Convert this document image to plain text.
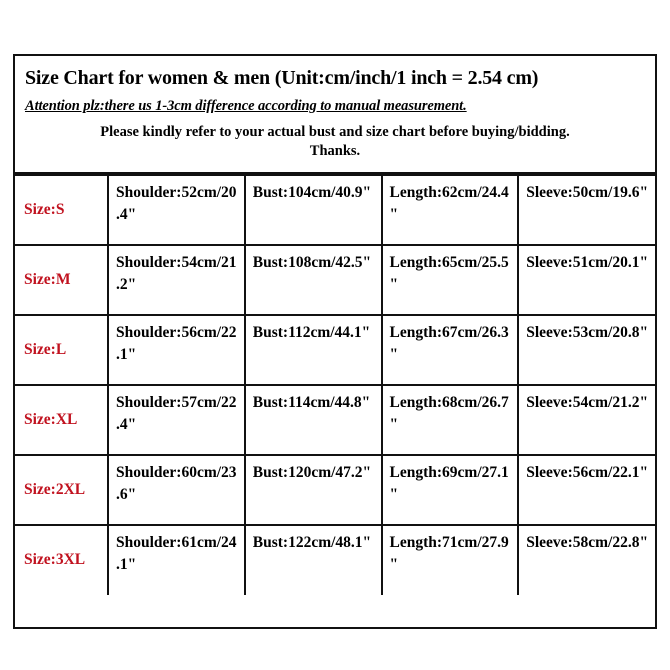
Size Chart for women & men (Unit:cm/inch/1 inch = 2.54 cm)
Attention plz:there us 1-3cm difference according to manual measurement.
Please kindly refer to your actual bust and size chart before buying/bidding.
Thanks.
Size:S	Shoulder:52cm/20.4"	Bust:104cm/40.9"	Length:62cm/24.4"	Sleeve:50cm/19.6"
Size:M	Shoulder:54cm/21.2"	Bust:108cm/42.5"	Length:65cm/25.5"	Sleeve:51cm/20.1"
Size:L	Shoulder:56cm/22.1"	Bust:112cm/44.1"	Length:67cm/26.3"	Sleeve:53cm/20.8"
Size:XL	Shoulder:57cm/22.4"	Bust:114cm/44.8"	Length:68cm/26.7"	Sleeve:54cm/21.2"
Size:2XL	Shoulder:60cm/23.6"	Bust:120cm/47.2"	Length:69cm/27.1"	Sleeve:56cm/22.1"
Size:3XL	Shoulder:61cm/24.1"	Bust:122cm/48.1"	Length:71cm/27.9"	Sleeve:58cm/22.8"
